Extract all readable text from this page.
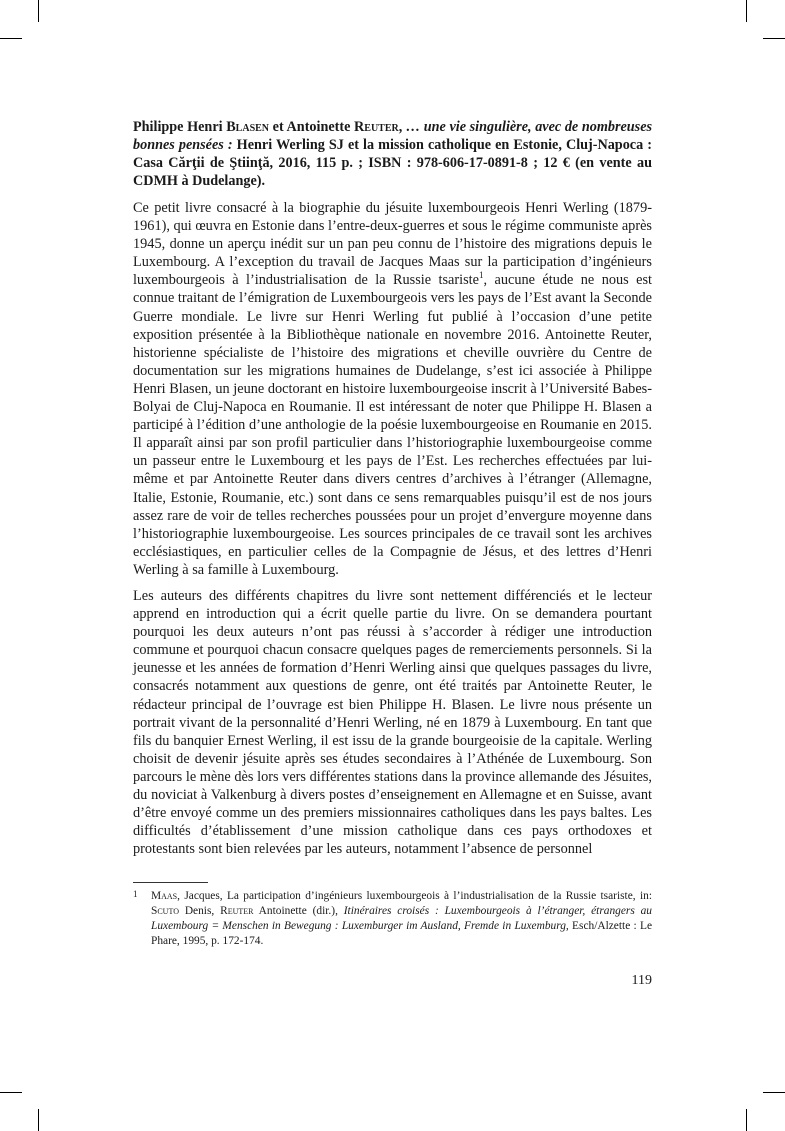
Philippe Henri Blasen et Antoinette Reuter, … une vie singulière, avec de nombreuses bonnes pensées : Henri Werling SJ et la mission catholique en Estonie, Cluj-Napoca : Casa Cărţii de Ştiinţă, 2016, 115 p. ; ISBN : 978-606-17-0891-8 ; 12 € (en vente au CDMH à Dudelange).

Ce petit livre consacré à la biographie du jésuite luxembourgeois Henri Werling (1879-1961), qui œuvra en Estonie dans l’entre-deux-guerres et sous le régime communiste après 1945, donne un aperçu inédit sur un pan peu connu de l’histoire des migrations depuis le Luxembourg. A l’exception du travail de Jacques Maas sur la participation d’ingénieurs luxembourgeois à l’industrialisation de la Russie tsariste$^1$, aucune étude ne nous est connue traitant de l’émigration de Luxembourgeois vers les pays de l’Est avant la Seconde Guerre mondiale. Le livre sur Henri Werling fut publié à l’occasion d’une petite exposition présentée à la Bibliothèque nationale en novembre 2016. Antoinette Reuter, historienne spécialiste de l’histoire des migrations et cheville ouvrière du Centre de documentation sur les migrations humaines de Dudelange, s’est ici associée à Philippe Henri Blasen, un jeune doctorant en histoire luxembourgeoise inscrit à l’Université Babes-Bolyai de Cluj-Napoca en Roumanie. Il est intéressant de noter que Philippe H. Blasen a participé à l’édition d’une anthologie de la poésie luxembourgeoise en Roumanie en 2015. Il apparaît ainsi par son profil particulier dans l’historiographie luxembourgeoise comme un passeur entre le Luxembourg et les pays de l’Est. Les recherches effectuées par lui-même et par Antoinette Reuter dans divers centres d’archives à l’étranger (Allemagne, Italie, Estonie, Roumanie, etc.) sont dans ce sens remarquables puisqu’il est de nos jours assez rare de voir de telles recherches poussées pour un projet d’envergure moyenne dans l’historiographie luxembourgeoise. Les sources principales de ce travail sont les archives ecclésiastiques, en particulier celles de la Compagnie de Jésus, et des lettres d’Henri Werling à sa famille à Luxembourg.

Les auteurs des différents chapitres du livre sont nettement différenciés et le lecteur apprend en introduction qui a écrit quelle partie du livre. On se demandera pourtant pourquoi les deux auteurs n’ont pas réussi à s’accorder à rédiger une introduction commune et pourquoi chacun consacre quelques pages de remerciements personnels. Si la jeunesse et les années de formation d’Henri Werling ainsi que quelques passages du livre, consacrés notamment aux questions de genre, ont été traités par Antoinette Reuter, le rédacteur principal de l’ouvrage est bien Philippe H. Blasen. Le livre nous présente un portrait vivant de la personnalité d’Henri Werling, né en 1879 à Luxembourg. En tant que fils du banquier Ernest Werling, il est issu de la grande bourgeoisie de la capitale. Werling choisit de devenir jésuite après ses études secondaires à l’Athénée de Luxembourg. Son parcours le mène dès lors vers différentes stations dans la province allemande des Jésuites, du noviciat à Valkenburg à divers postes d’enseignement en Allemagne et en Suisse, avant d’être envoyé comme un des premiers missionnaires catholiques dans les pays baltes. Les difficultés d’établissement d’une mission catholique dans ces pays orthodoxes et protestants sont bien relevées par les auteurs, notamment l’absence de personnel

1	Maas, Jacques, La participation d’ingénieurs luxembourgeois à l’industrialisation de la Russie tsariste, in: Scuto Denis, Reuter Antoinette (dir.), Itinéraires croisés : Luxembourgeois à l’étranger, étrangers au Luxembourg = Menschen in Bewegung : Luxemburger im Ausland, Fremde in Luxemburg, Esch/Alzette : Le Phare, 1995, p. 172-174.
119
